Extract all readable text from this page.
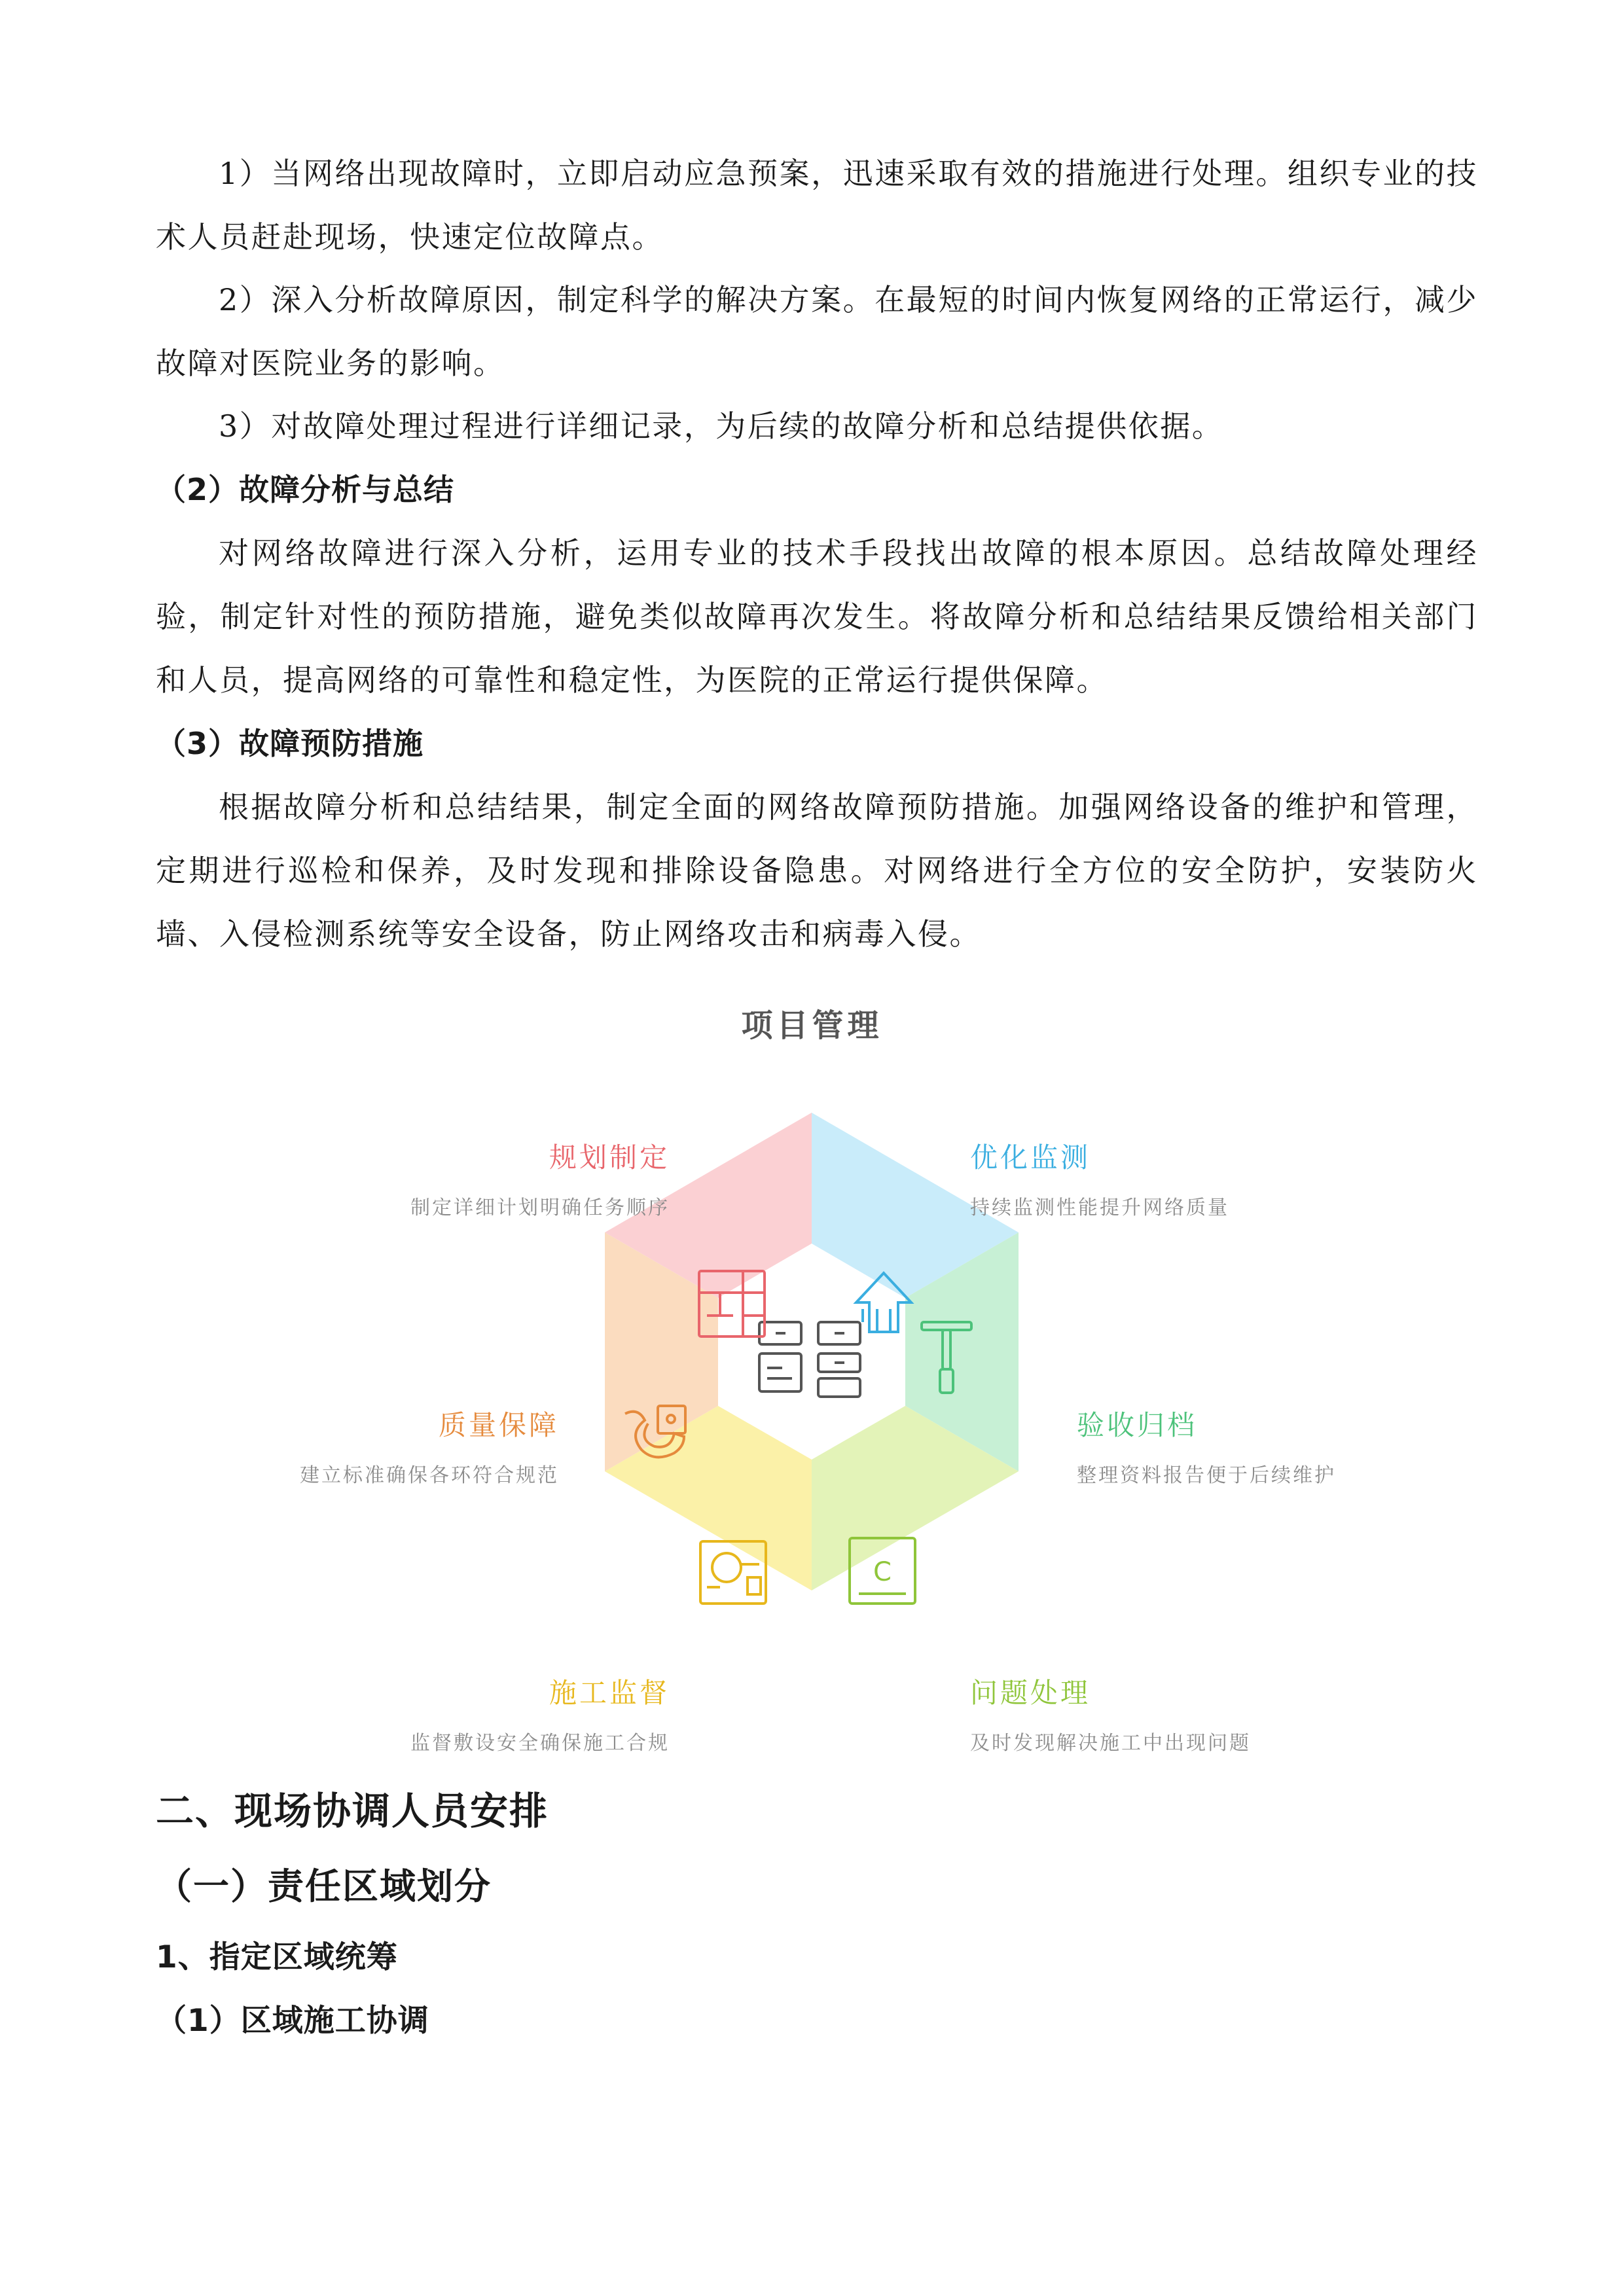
1）当网络出现故障时，立即启动应急预案，迅速采取有效的措施进行处理。组织专业的技术人员赶赴现场，快速定位故障点。

2）深入分析故障原因，制定科学的解决方案。在最短的时间内恢复网络的正常运行，减少故障对医院业务的影响。

3）对故障处理过程进行详细记录，为后续的故障分析和总结提供依据。

（2）故障分析与总结

对网络故障进行深入分析，运用专业的技术手段找出故障的根本原因。总结故障处理经验，制定针对性的预防措施，避免类似故障再次发生。将故障分析和总结结果反馈给相关部门和人员，提高网络的可靠性和稳定性，为医院的正常运行提供保障。

（3）故障预防措施

根据故障分析和总结结果，制定全面的网络故障预防措施。加强网络设备的维护和管理，定期进行巡检和保养，及时发现和排除设备隐患。对网络进行全方位的安全防护，安装防火墙、入侵检测系统等安全设备，防止网络攻击和病毒入侵。

项目管理
C
规划制定
制定详细计划明确任务顺序
优化监测
持续监测性能提升网络质量
验收归档
整理资料报告便于后续维护
问题处理
及时发现解决施工中出现问题
施工监督
监督敷设安全确保施工合规
质量保障
建立标准确保各环符合规范
二、现场协调人员安排
（一）责任区域划分
1、指定区域统筹
（1）区域施工协调
